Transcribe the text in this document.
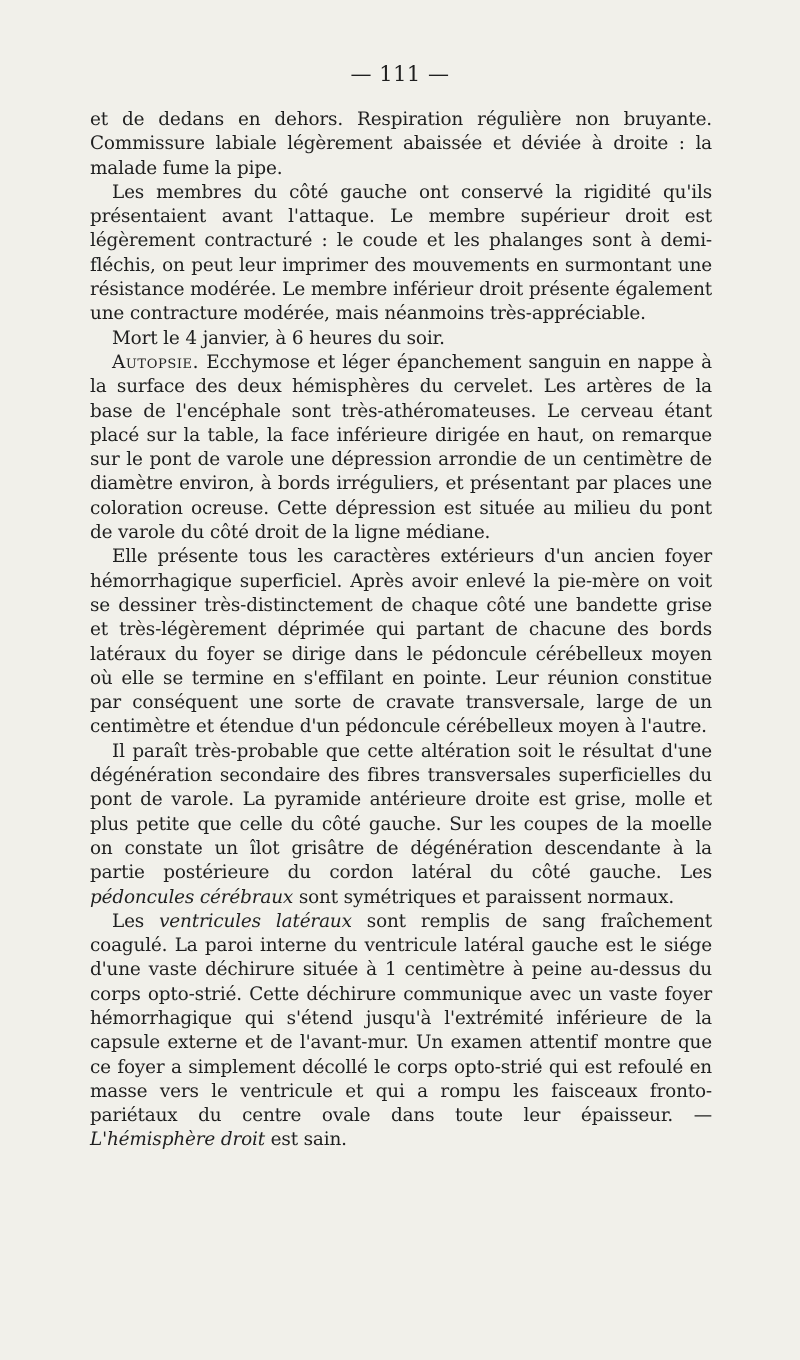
— 111 —

et de dedans en dehors. Respiration régulière non bruyante. Commissure labiale légèrement abaissée et déviée à droite : la malade fume la pipe.

Les membres du côté gauche ont conservé la rigidité qu'ils présentaient avant l'attaque. Le membre supérieur droit est légèrement contracturé : le coude et les phalanges sont à demi-fléchis, on peut leur imprimer des mouvements en surmontant une résistance modérée. Le membre inférieur droit présente également une contracture modérée, mais néanmoins très-appréciable.

Mort le 4 janvier, à 6 heures du soir.

Autopsie. Ecchymose et léger épanchement sanguin en nappe à la surface des deux hémisphères du cervelet. Les artères de la base de l'encéphale sont très-athéromateuses. Le cerveau étant placé sur la table, la face inférieure dirigée en haut, on remarque sur le pont de varole une dépression arrondie de un centimètre de diamètre environ, à bords irréguliers, et présentant par places une coloration ocreuse. Cette dépression est située au milieu du pont de varole du côté droit de la ligne médiane.

Elle présente tous les caractères extérieurs d'un ancien foyer hémorrhagique superficiel. Après avoir enlevé la pie-mère on voit se dessiner très-distinctement de chaque côté une bandette grise et très-légèrement déprimée qui partant de chacune des bords latéraux du foyer se dirige dans le pédoncule cérébelleux moyen où elle se termine en s'effilant en pointe. Leur réunion constitue par conséquent une sorte de cravate transversale, large de un centimètre et étendue d'un pédoncule cérébelleux moyen à l'autre.

Il paraît très-probable que cette altération soit le résultat d'une dégénération secondaire des fibres transversales superficielles du pont de varole. La pyramide antérieure droite est grise, molle et plus petite que celle du côté gauche. Sur les coupes de la moelle on constate un îlot grisâtre de dégénération descendante à la partie postérieure du cordon latéral du côté gauche. Les pédoncules cérébraux sont symétriques et paraissent normaux.

Les ventricules latéraux sont remplis de sang fraîchement coagulé. La paroi interne du ventricule latéral gauche est le siége d'une vaste déchirure située à 1 centimètre à peine au-dessus du corps opto-strié. Cette déchirure communique avec un vaste foyer hémorrhagique qui s'étend jusqu'à l'extrémité inférieure de la capsule externe et de l'avant-mur. Un examen attentif montre que ce foyer a simplement décollé le corps opto-strié qui est refoulé en masse vers le ventricule et qui a rompu les faisceaux fronto-pariétaux du centre ovale dans toute leur épaisseur. — L'hémisphère droit est sain.
